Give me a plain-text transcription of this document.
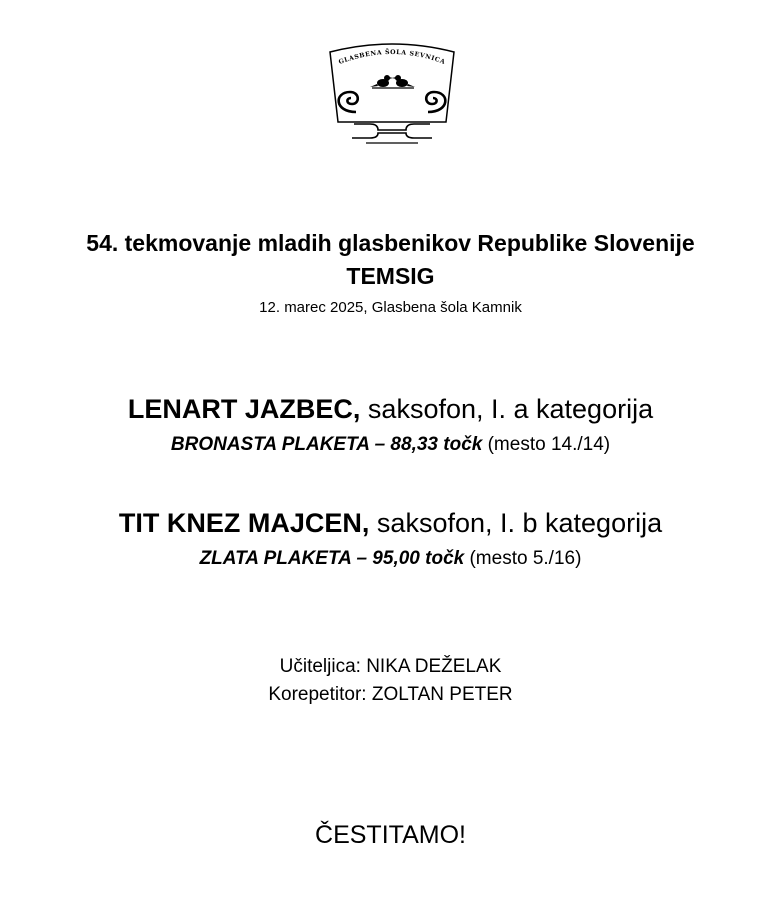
GLASBENA ŠOLA SEVNICA
54. tekmovanje mladih glasbenikov Republike Slovenije
TEMSIG
12. marec 2025, Glasbena šola Kamnik
LENART JAZBEC, saksofon, I. a kategorija
BRONASTA PLAKETA – 88,33 točk (mesto 14./14)
TIT KNEZ MAJCEN, saksofon, I. b kategorija
ZLATA PLAKETA – 95,00 točk (mesto 5./16)
Učiteljica: NIKA DEŽELAK
Korepetitor: ZOLTAN PETER
ČESTITAMO!
